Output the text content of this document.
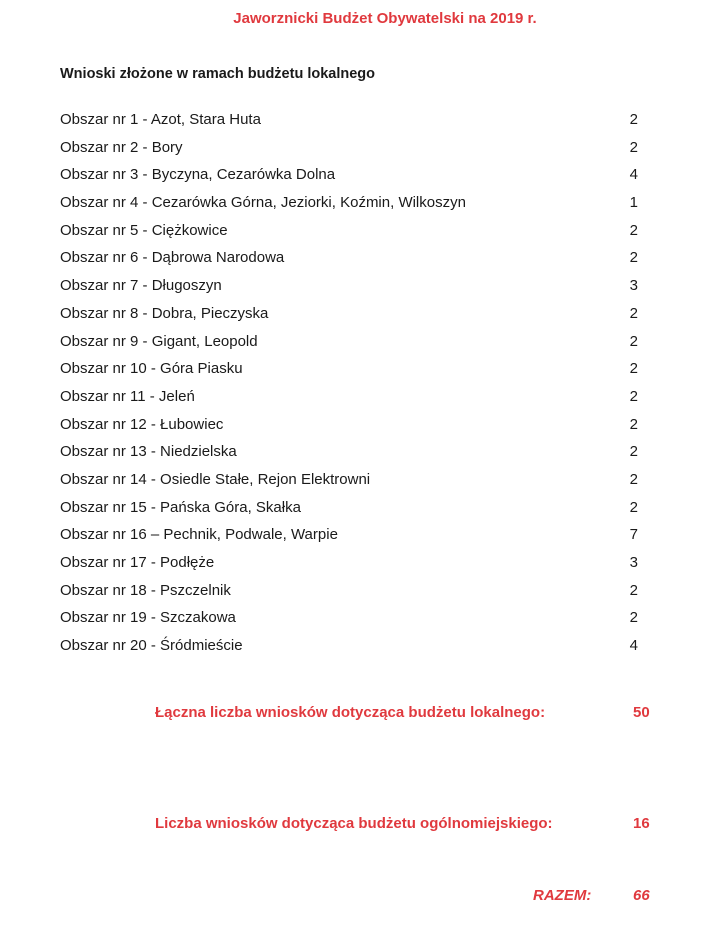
Jaworznicki Budżet Obywatelski na 2019 r.
Wnioski złożone w ramach budżetu lokalnego
Obszar nr 1 - Azot, Stara Huta	2
Obszar nr 2 - Bory	2
Obszar nr 3 - Byczyna, Cezarówka Dolna	4
Obszar nr 4 - Cezarówka Górna, Jeziorki, Koźmin, Wilkoszyn	1
Obszar nr 5 - Ciężkowice	2
Obszar nr 6 - Dąbrowa Narodowa	2
Obszar nr 7 - Długoszyn	3
Obszar nr 8 - Dobra, Pieczyska	2
Obszar nr 9 - Gigant, Leopold	2
Obszar nr 10 - Góra Piasku	2
Obszar nr 11 - Jeleń	2
Obszar nr 12 - Łubowiec	2
Obszar nr 13 - Niedzielska	2
Obszar nr 14 - Osiedle Stałe, Rejon Elektrowni	2
Obszar nr 15 - Pańska Góra, Skałka	2
Obszar nr 16 – Pechnik, Podwale, Warpie	7
Obszar nr 17 - Podłęże	3
Obszar nr 18 - Pszczelnik	2
Obszar nr 19 - Szczakowa	2
Obszar nr 20 - Śródmieście	4
Łączna liczba wniosków dotycząca budżetu lokalnego:	50
Liczba wniosków dotycząca budżetu ogólnomiejskiego:	16
RAZEM:	66
